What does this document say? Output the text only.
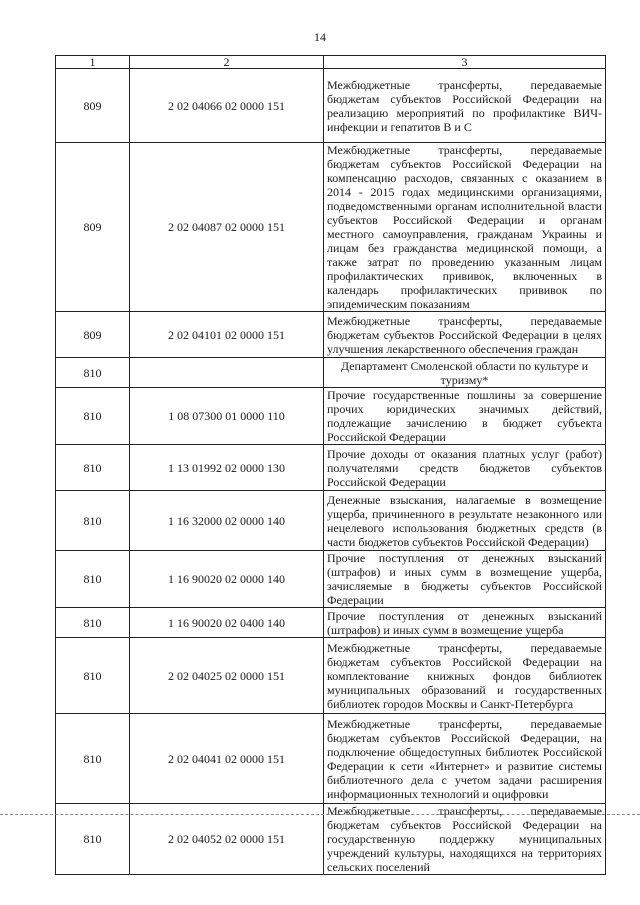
14
1	2	3
809	2 02 04066 02 0000 151	Межбюджетные трансферты, передаваемые бюджетам субъектов Российской Федерации на реализацию мероприятий по профилактике ВИЧ-инфекции и гепатитов В и С
809	2 02 04087 02 0000 151	Межбюджетные трансферты, передаваемые бюджетам субъектов Российской Федерации на компенсацию расходов, связанных с оказанием в 2014 - 2015 годах медицинскими организациями, подведомственными органам исполнительной власти субъектов Российской Федерации и органам местного самоуправления, гражданам Украины и лицам без гражданства медицинской помощи, а также затрат по проведению указанным лицам профилактических прививок, включенных в календарь профилактических прививок по эпидемическим показаниям
809	2 02 04101 02 0000 151	Межбюджетные трансферты, передаваемые бюджетам субъектов Российской Федерации в целях улучшения лекарственного обеспечения граждан
810		Департамент Смоленской области по культуре и туризму*
810	1 08 07300 01 0000 110	Прочие государственные пошлины за совершение прочих юридических значимых действий, подлежащие зачислению в бюджет субъекта Российской Федерации
810	1 13 01992 02 0000 130	Прочие доходы от оказания платных услуг (работ) получателями средств бюджетов субъектов Российской Федерации
810	1 16 32000 02 0000 140	Денежные взыскания, налагаемые в возмещение ущерба, причиненного в результате незаконного или нецелевого использования бюджетных средств (в части бюджетов субъектов Российской Федерации)
810	1 16 90020 02 0000 140	Прочие поступления от денежных взысканий (штрафов) и иных сумм в возмещение ущерба, зачисляемые в бюджеты субъектов Российской Федерации
810	1 16 90020 02 0400 140	Прочие поступления от денежных взысканий (штрафов) и иных сумм в возмещение ущерба
810	2 02 04025 02 0000 151	Межбюджетные трансферты, передаваемые бюджетам субъектов Российской Федерации на комплектование книжных фондов библиотек муниципальных образований и государственных библиотек городов Москвы и Санкт-Петербурга
810	2 02 04041 02 0000 151	Межбюджетные трансферты, передаваемые бюджетам субъектов Российской Федерации, на подключение общедоступных библиотек Российской Федерации к сети «Интернет» и развитие системы библиотечного дела с учетом задачи расширения информационных технологий и оцифровки
810	2 02 04052 02 0000 151	Межбюджетные трансферты, передаваемые бюджетам субъектов Российской Федерации на государственную поддержку муниципальных учреждений культуры, находящихся на территориях сельских поселений
